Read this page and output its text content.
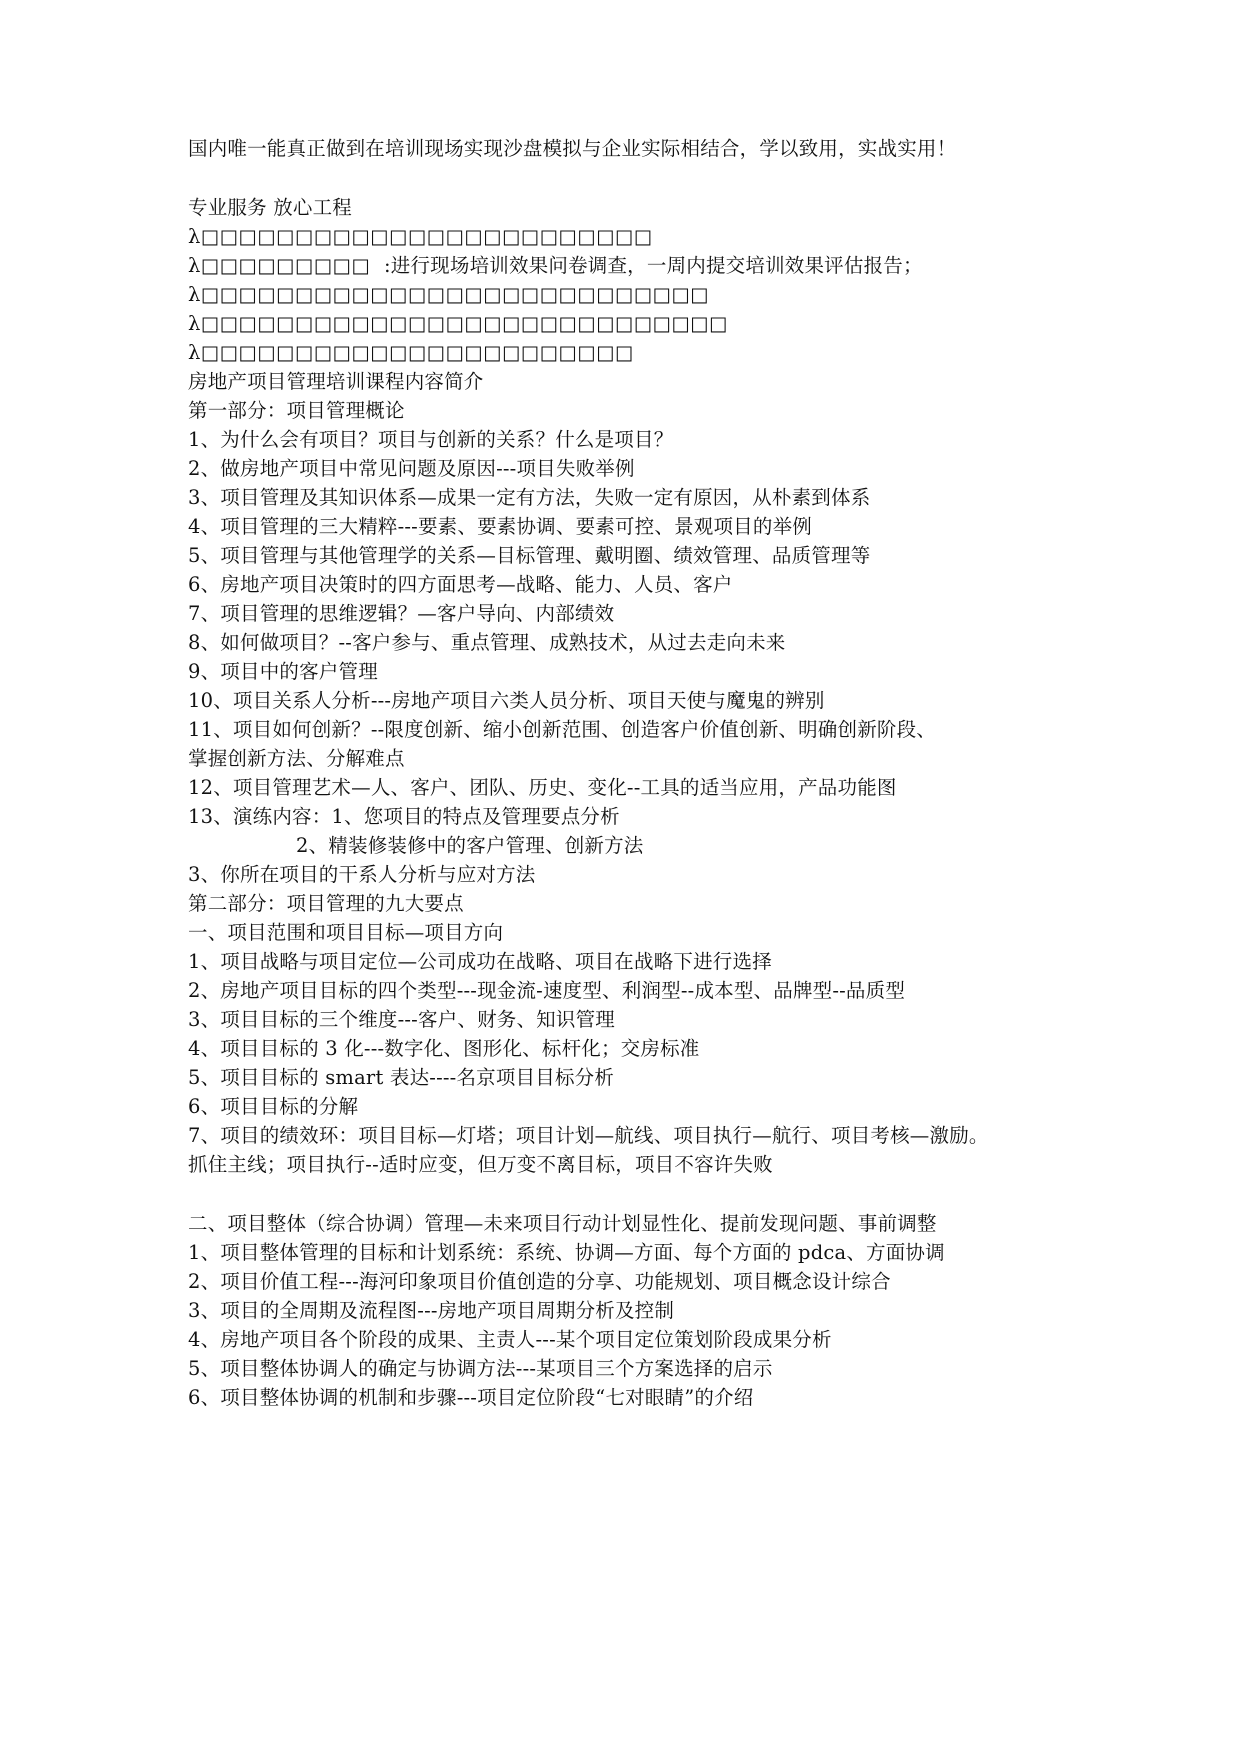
国内唯一能真正做到在培训现场实现沙盘模拟与企业实际相结合，学以致用，实战实用！
专业服务 放心工程
λ□□□□□□□□□□□□□□□□□□□□□□□□
λ□□□□□□□□□ :进行现场培训效果问卷调查，一周内提交培训效果评估报告；
λ□□□□□□□□□□□□□□□□□□□□□□□□□□□
λ□□□□□□□□□□□□□□□□□□□□□□□□□□□□
λ□□□□□□□□□□□□□□□□□□□□□□□
房地产项目管理培训课程内容简介
第一部分：项目管理概论
1、为什么会有项目？项目与创新的关系？什么是项目？
2、做房地产项目中常见问题及原因---项目失败举例
3、项目管理及其知识体系—成果一定有方法，失败一定有原因，从朴素到体系
4、项目管理的三大精粹---要素、要素协调、要素可控、景观项目的举例
5、项目管理与其他管理学的关系—目标管理、戴明圈、绩效管理、品质管理等
6、房地产项目决策时的四方面思考—战略、能力、人员、客户
7、项目管理的思维逻辑？—客户导向、内部绩效
8、如何做项目？--客户参与、重点管理、成熟技术，从过去走向未来
9、项目中的客户管理
10、项目关系人分析---房地产项目六类人员分析、项目天使与魔鬼的辨别
11、项目如何创新？--限度创新、缩小创新范围、创造客户价值创新、明确创新阶段、
掌握创新方法、分解难点
12、项目管理艺术—人、客户、团队、历史、变化--工具的适当应用，产品功能图
13、演练内容：1、您项目的特点及管理要点分析
2、精装修装修中的客户管理、创新方法
3、你所在项目的干系人分析与应对方法
第二部分：项目管理的九大要点
一、项目范围和项目目标—项目方向
1、项目战略与项目定位—公司成功在战略、项目在战略下进行选择
2、房地产项目目标的四个类型---现金流-速度型、利润型--成本型、品牌型--品质型
3、项目目标的三个维度---客户、财务、知识管理
4、项目目标的 3 化---数字化、图形化、标杆化；交房标准
5、项目目标的 smart 表达----名京项目目标分析
6、项目目标的分解
7、项目的绩效环：项目目标—灯塔；项目计划—航线、项目执行—航行、项目考核—激励。
抓住主线；项目执行--适时应变，但万变不离目标，项目不容许失败
二、项目整体（综合协调）管理—未来项目行动计划显性化、提前发现问题、事前调整
1、项目整体管理的目标和计划系统：系统、协调—方面、每个方面的 pdca、方面协调
2、项目价值工程---海河印象项目价值创造的分享、功能规划、项目概念设计综合
3、项目的全周期及流程图---房地产项目周期分析及控制
4、房地产项目各个阶段的成果、主责人---某个项目定位策划阶段成果分析
5、项目整体协调人的确定与协调方法---某项目三个方案选择的启示
6、项目整体协调的机制和步骤---项目定位阶段“七对眼睛”的介绍
